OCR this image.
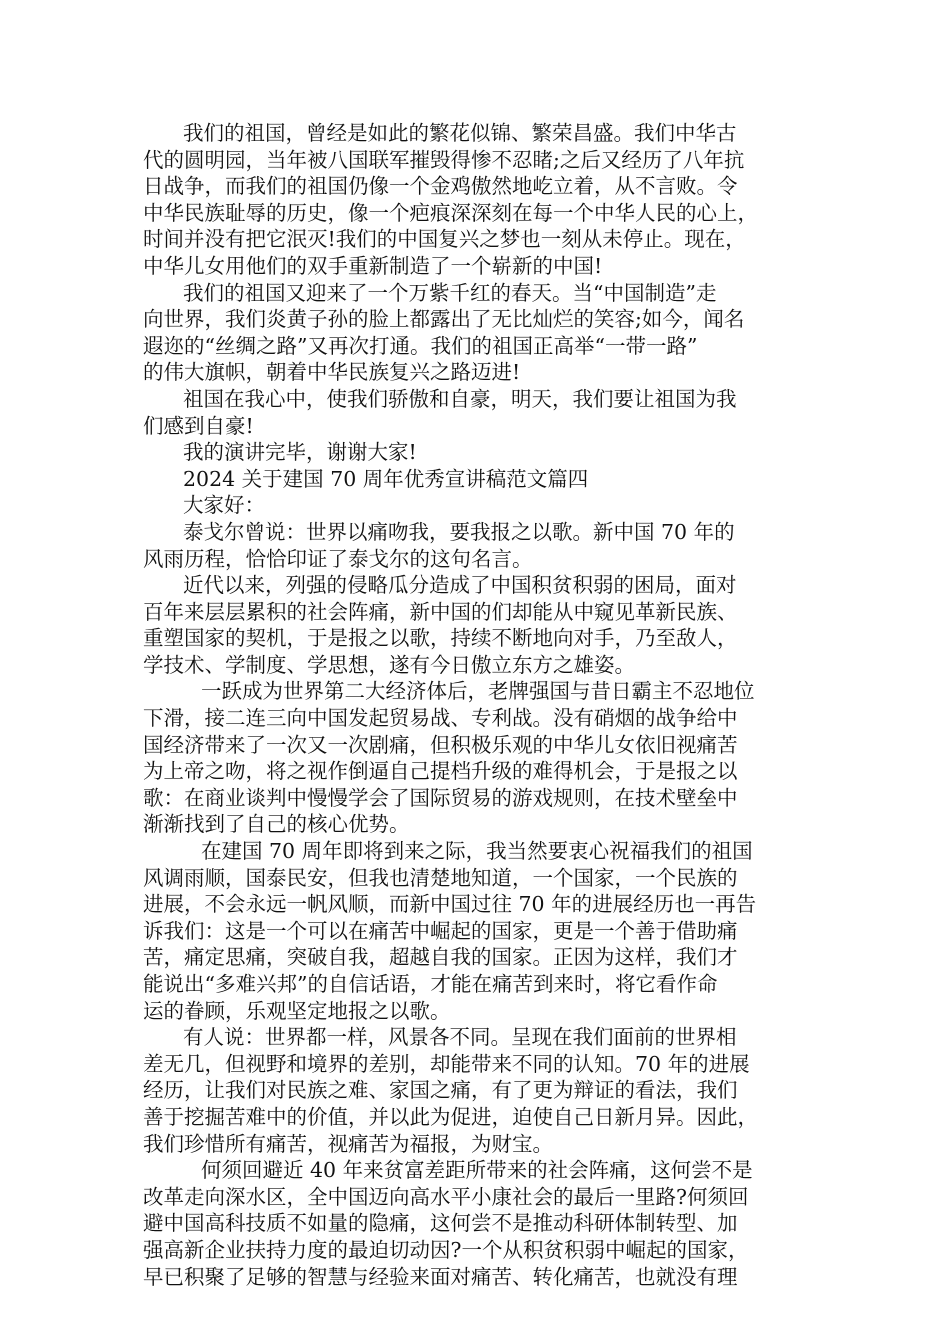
我们的祖国，曾经是如此的繁花似锦、繁荣昌盛。我们中华古
代的圆明园，当年被八国联军摧毁得惨不忍睹;之后又经历了八年抗
日战争，而我们的祖国仍像一个金鸡傲然地屹立着，从不言败。令
中华民族耻辱的历史，像一个疤痕深深刻在每一个中华人民的心上，
时间并没有把它泯灭!我们的中国复兴之梦也一刻从未停止。现在，
中华儿女用他们的双手重新制造了一个崭新的中国!
我们的祖国又迎来了一个万紫千红的春天。当“中国制造”走
向世界，我们炎黄子孙的脸上都露出了无比灿烂的笑容;如今，闻名
遐迩的“丝绸之路”又再次打通。我们的祖国正高举“一带一路”
的伟大旗帜，朝着中华民族复兴之路迈进!
祖国在我心中，使我们骄傲和自豪，明天，我们要让祖国为我
们感到自豪!
我的演讲完毕，谢谢大家!
2024 关于建国 70 周年优秀宣讲稿范文篇四
大家好：
泰戈尔曾说：世界以痛吻我，要我报之以歌。新中国 70 年的
风雨历程，恰恰印证了泰戈尔的这句名言。
近代以来，列强的侵略瓜分造成了中国积贫积弱的困局，面对
百年来层层累积的社会阵痛，新中国的们却能从中窥见革新民族、
重塑国家的契机，于是报之以歌，持续不断地向对手，乃至敌人，
学技术、学制度、学思想，遂有今日傲立东方之雄姿。
一跃成为世界第二大经济体后，老牌强国与昔日霸主不忍地位
下滑，接二连三向中国发起贸易战、专利战。没有硝烟的战争给中
国经济带来了一次又一次剧痛，但积极乐观的中华儿女依旧视痛苦
为上帝之吻，将之视作倒逼自己提档升级的难得机会，于是报之以
歌：在商业谈判中慢慢学会了国际贸易的游戏规则，在技术壁垒中
渐渐找到了自己的核心优势。
在建国 70 周年即将到来之际，我当然要衷心祝福我们的祖国
风调雨顺，国泰民安，但我也清楚地知道，一个国家，一个民族的
进展，不会永远一帆风顺，而新中国过往 70 年的进展经历也一再告
诉我们：这是一个可以在痛苦中崛起的国家，更是一个善于借助痛
苦，痛定思痛，突破自我，超越自我的国家。正因为这样，我们才
能说出“多难兴邦”的自信话语，才能在痛苦到来时，将它看作命
运的眷顾，乐观坚定地报之以歌。
有人说：世界都一样，风景各不同。呈现在我们面前的世界相
差无几，但视野和境界的差别，却能带来不同的认知。70 年的进展
经历，让我们对民族之难、家国之痛，有了更为辩证的看法，我们
善于挖掘苦难中的价值，并以此为促进，迫使自己日新月异。因此，
我们珍惜所有痛苦，视痛苦为福报，为财宝。
何须回避近 40 年来贫富差距所带来的社会阵痛，这何尝不是
改革走向深水区，全中国迈向高水平小康社会的最后一里路?何须回
避中国高科技质不如量的隐痛，这何尝不是推动科研体制转型、加
强高新企业扶持力度的最迫切动因?一个从积贫积弱中崛起的国家，
早已积聚了足够的智慧与经验来面对痛苦、转化痛苦，也就没有理
